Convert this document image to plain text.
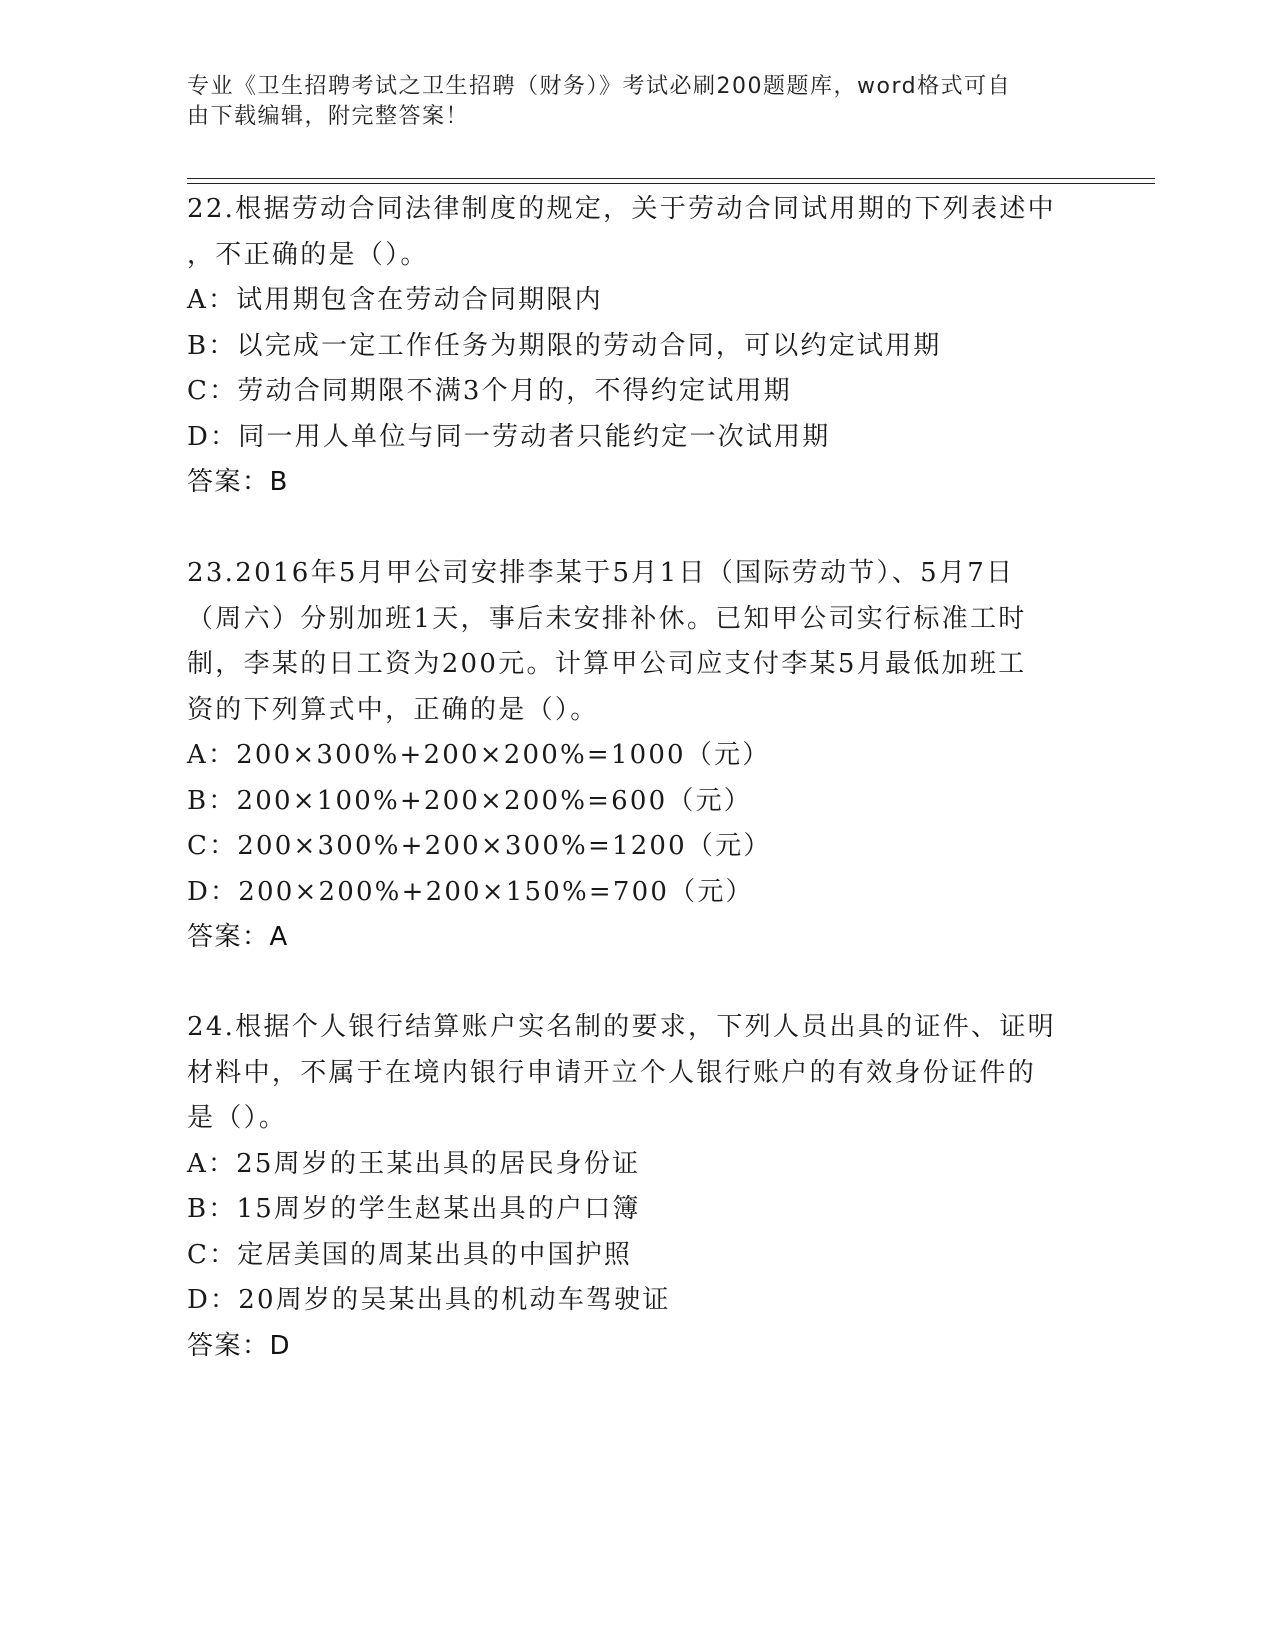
专业《卫生招聘考试之卫生招聘（财务）》考试必刷200题题库，word格式可自
由下载编辑，附完整答案！
22.根据劳动合同法律制度的规定，关于劳动合同试用期的下列表述中
，不正确的是（）。
A：试用期包含在劳动合同期限内
B：以完成一定工作任务为期限的劳动合同，可以约定试用期
C：劳动合同期限不满3个月的，不得约定试用期
D：同一用人单位与同一劳动者只能约定一次试用期
答案：B
23.2016年5月甲公司安排李某于5月1日（国际劳动节）、5月7日
（周六）分别加班1天，事后未安排补休。已知甲公司实行标准工时
制，李某的日工资为200元。计算甲公司应支付李某5月最低加班工
资的下列算式中，正确的是（）。
A：200×300%+200×200%=1000（元）
B：200×100%+200×200%=600（元）
C：200×300%+200×300%=1200（元）
D：200×200%+200×150%=700（元）
答案：A
24.根据个人银行结算账户实名制的要求，下列人员出具的证件、证明
材料中，不属于在境内银行申请开立个人银行账户的有效身份证件的
是（）。
A：25周岁的王某出具的居民身份证
B：15周岁的学生赵某出具的户口簿
C：定居美国的周某出具的中国护照
D：20周岁的吴某出具的机动车驾驶证
答案：D
